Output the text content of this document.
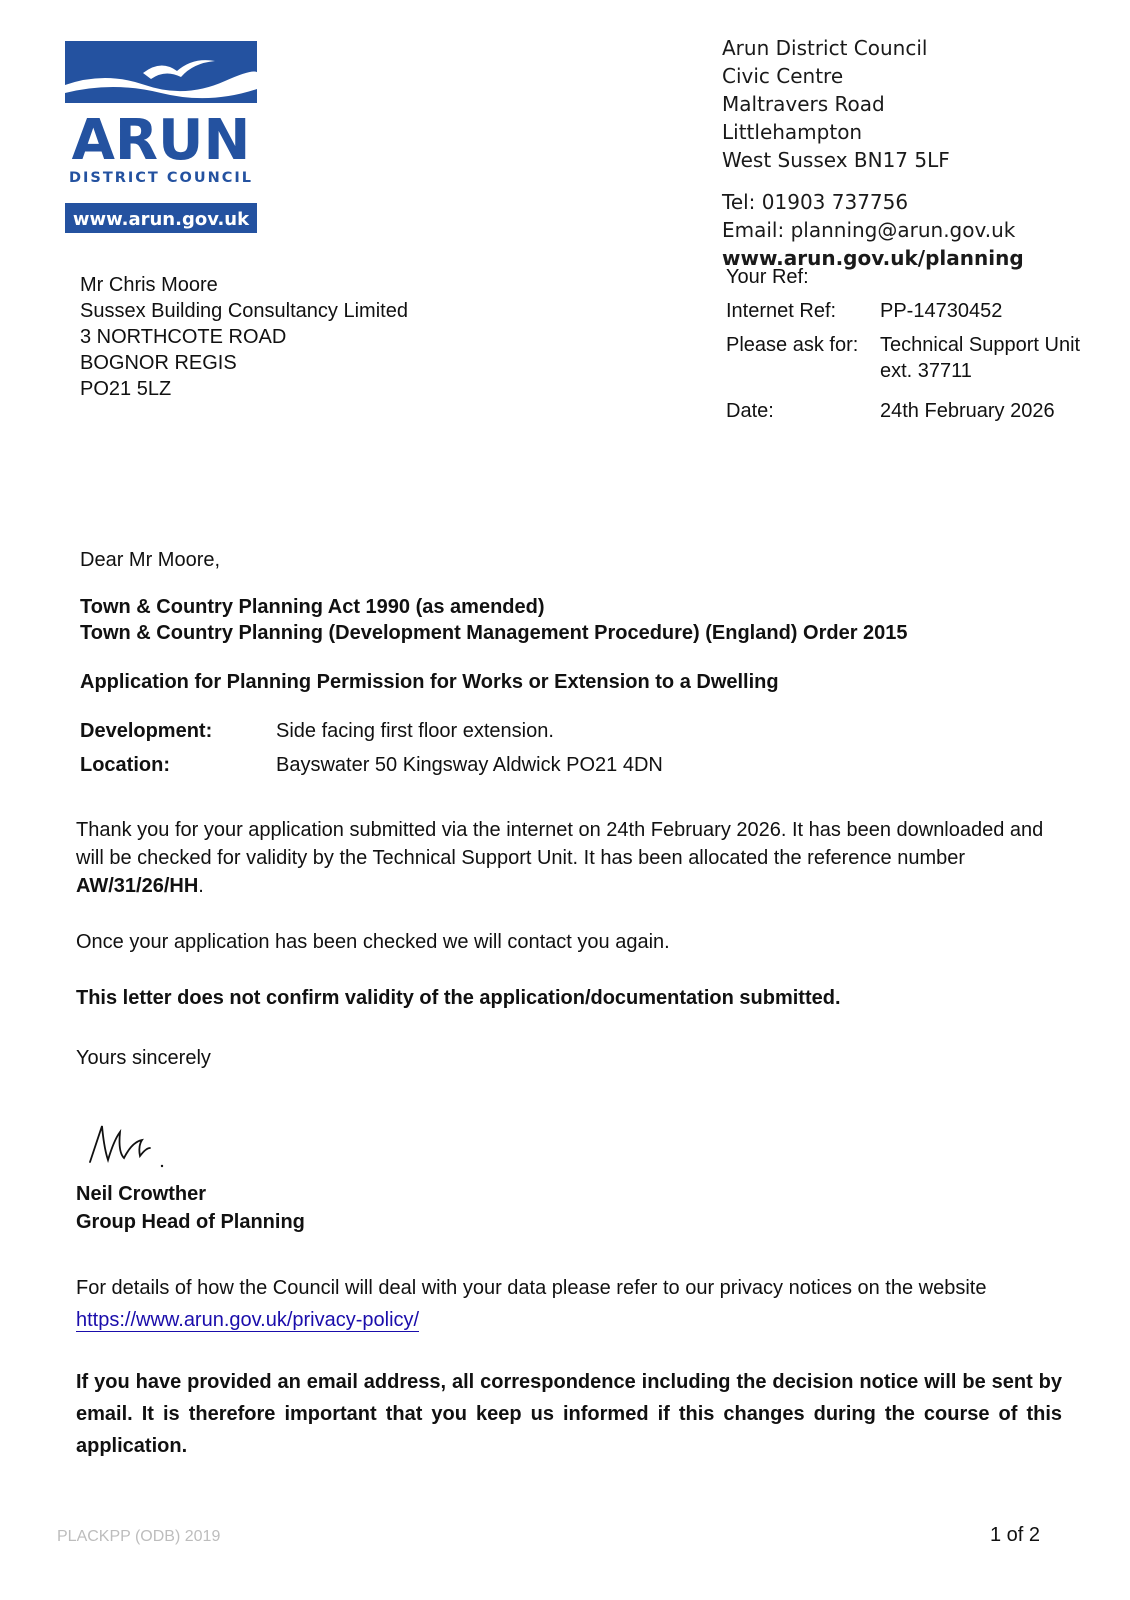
ARUN
DISTRICT COUNCIL
www.arun.gov.uk
Arun District Council
Civic Centre
Maltravers Road
Littlehampton
West Sussex BN17 5LF
Tel: 01903 737756
Email: planning@arun.gov.uk
www.arun.gov.uk/planning
Mr Chris Moore
Sussex Building Consultancy Limited
3 NORTHCOTE ROAD
BOGNOR REGIS
PO21 5LZ
Your Ref:
Internet Ref: PP-14730452
Please ask for: Technical Support Unit
ext. 37711
Date:	24th February 2026
Dear Mr Moore,
Town & Country Planning Act 1990 (as amended)
Town & Country Planning (Development Management Procedure) (England) Order 2015
Application for Planning Permission for Works or Extension to a Dwelling
Development:	Side facing first floor extension.
Location:	Bayswater 50 Kingsway Aldwick PO21 4DN
Thank you for your application submitted via the internet on 24th February 2026. It has been downloaded and will be checked for validity by the Technical Support Unit. It has been allocated the reference number AW/31/26/HH.
Once your application has been checked we will contact you again.
This letter does not confirm validity of the application/documentation submitted.
Yours sincerely
Neil Crowther
Group Head of Planning
For details of how the Council will deal with your data please refer to our privacy notices on the website
https://www.arun.gov.uk/privacy-policy/
If you have provided an email address, all correspondence including the decision notice will be sent by email. It is therefore important that you keep us informed if this changes during the course of this application.
PLACKPP (ODB) 2019	1 of 2
